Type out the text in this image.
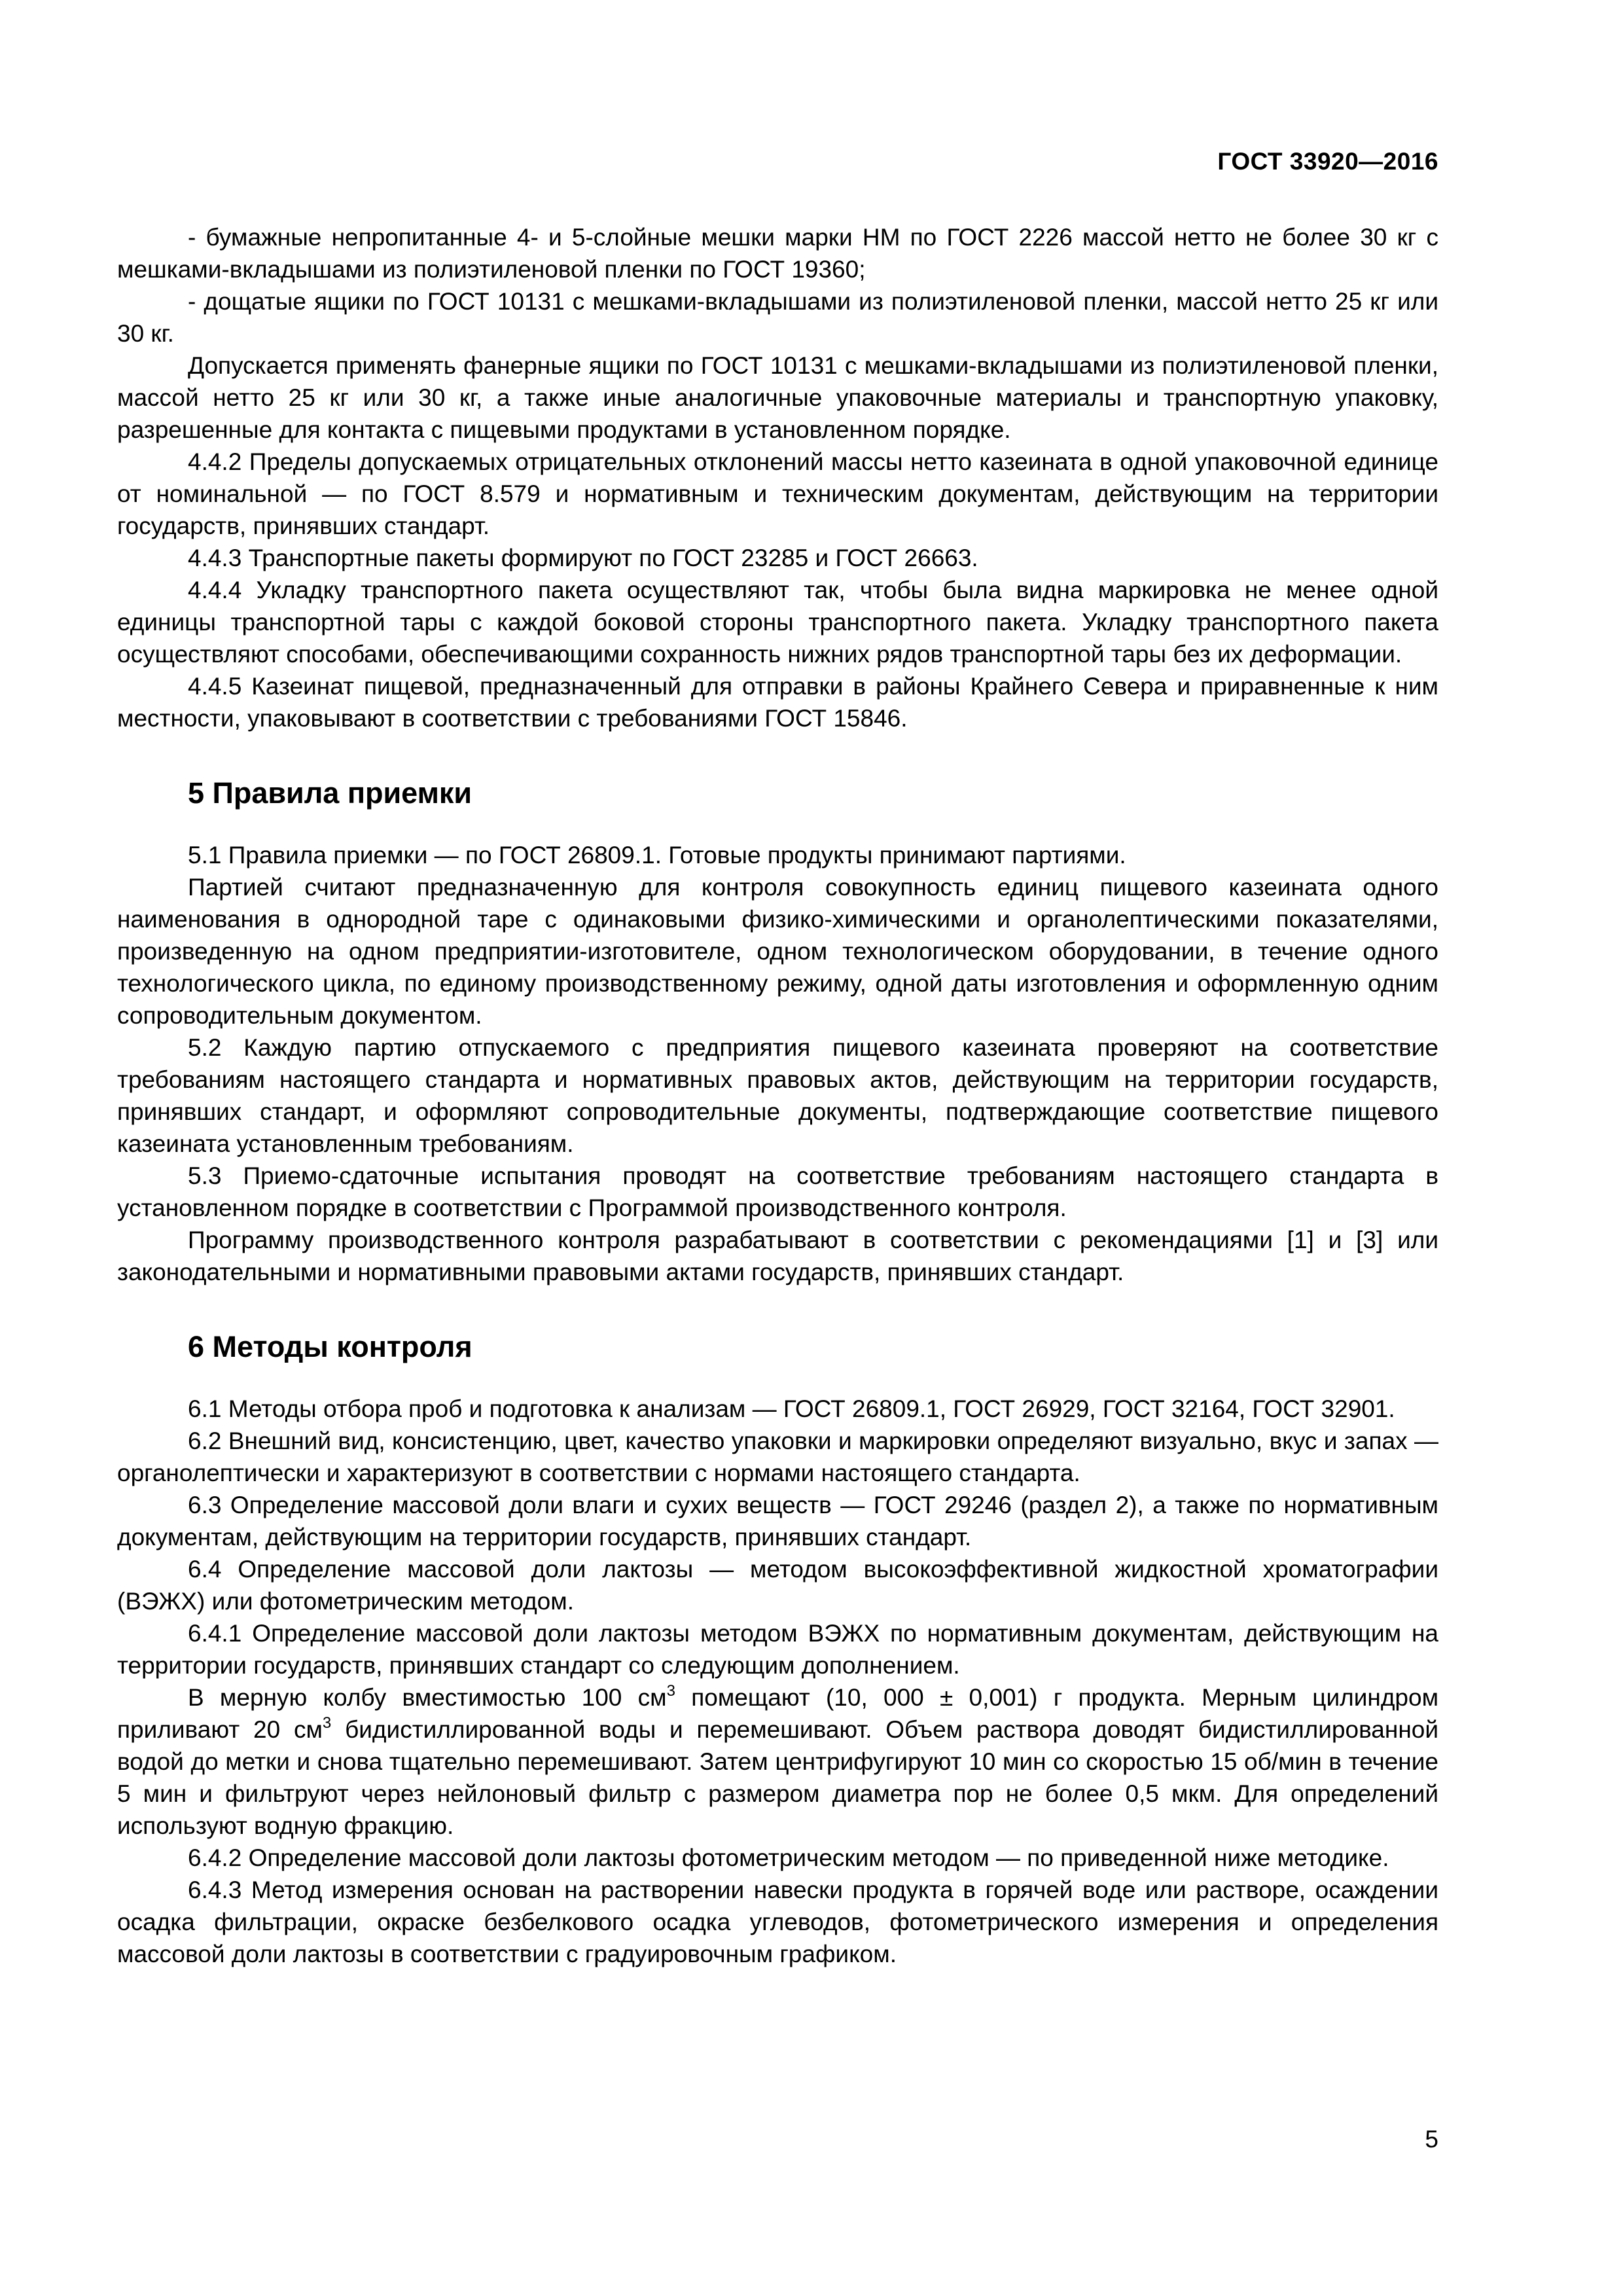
ГОСТ 33920—2016

- бумажные непропитанные 4- и 5-слойные мешки марки НМ по ГОСТ 2226 массой нетто не более 30 кг с мешками-вкладышами из полиэтиленовой пленки по ГОСТ 19360;

- дощатые ящики по ГОСТ 10131 с мешками-вкладышами из полиэтиленовой пленки, массой нетто 25 кг или 30 кг.

Допускается применять фанерные ящики по ГОСТ 10131 с мешками-вкладышами из полиэтиленовой пленки, массой нетто 25 кг или 30 кг, а также иные аналогичные упаковочные материалы и транспортную упаковку, разрешенные для контакта с пищевыми продуктами в установленном порядке.

4.4.2 Пределы допускаемых отрицательных отклонений массы нетто казеината в одной упаковочной единице от номинальной — по ГОСТ 8.579 и нормативным и техническим документам, действующим на территории государств, принявших стандарт.

4.4.3 Транспортные пакеты формируют по ГОСТ 23285 и ГОСТ 26663.

4.4.4 Укладку транспортного пакета осуществляют так, чтобы была видна маркировка не менее одной единицы транспортной тары с каждой боковой стороны транспортного пакета. Укладку транспортного пакета осуществляют способами, обеспечивающими сохранность нижних рядов транспортной тары без их деформации.

4.4.5 Казеинат пищевой, предназначенный для отправки в районы Крайнего Севера и приравненные к ним местности, упаковывают в соответствии с требованиями ГОСТ 15846.

5 Правила приемки

5.1 Правила приемки — по ГОСТ 26809.1. Готовые продукты принимают партиями.

Партией считают предназначенную для контроля совокупность единиц пищевого казеината одного наименования в однородной таре с одинаковыми физико-химическими и органолептическими показателями, произведенную на одном предприятии-изготовителе, одном технологическом оборудовании, в течение одного технологического цикла, по единому производственному режиму, одной даты изготовления и оформленную одним сопроводительным документом.

5.2 Каждую партию отпускаемого с предприятия пищевого казеината проверяют на соответствие требованиям настоящего стандарта и нормативных правовых актов, действующим на территории государств, принявших стандарт, и оформляют сопроводительные документы, подтверждающие соответствие пищевого казеината установленным требованиям.

5.3 Приемо-сдаточные испытания проводят на соответствие требованиям настоящего стандарта в установленном порядке в соответствии с Программой производственного контроля.

Программу производственного контроля разрабатывают в соответствии с рекомендациями [1] и [3] или законодательными и нормативными правовыми актами государств, принявших стандарт.

6 Методы контроля

6.1 Методы отбора проб и подготовка к анализам — ГОСТ 26809.1, ГОСТ 26929, ГОСТ 32164, ГОСТ 32901.

6.2 Внешний вид, консистенцию, цвет, качество упаковки и маркировки определяют визуально, вкус и запах — органолептически и характеризуют в соответствии с нормами настоящего стандарта.

6.3 Определение массовой доли влаги и сухих веществ — ГОСТ 29246 (раздел 2), а также по нормативным документам, действующим на территории государств, принявших стандарт.

6.4 Определение массовой доли лактозы — методом высокоэффективной жидкостной хроматографии (ВЭЖХ) или фотометрическим методом.

6.4.1 Определение массовой доли лактозы методом ВЭЖХ по нормативным документам, действующим на территории государств, принявших стандарт со следующим дополнением.

В мерную колбу вместимостью 100 $см^3$ помещают (10, 000 ± 0,001) г продукта. Мерным цилиндром приливают 20 $см^3$ бидистиллированной воды и перемешивают. Объем раствора доводят бидистиллированной водой до метки и снова тщательно перемешивают. Затем центрифугируют 10 мин со скоростью 15 об/мин в течение 5 мин и фильтруют через нейлоновый фильтр с размером диаметра пор не более 0,5 мкм. Для определений используют водную фракцию.

6.4.2 Определение массовой доли лактозы фотометрическим методом — по приведенной ниже методике.

6.4.3 Метод измерения основан на растворении навески продукта в горячей воде или растворе, осаждении осадка фильтрации, окраске безбелкового осадка углеводов, фотометрического измерения и определения массовой доли лактозы в соответствии с градуировочным графиком.

5
